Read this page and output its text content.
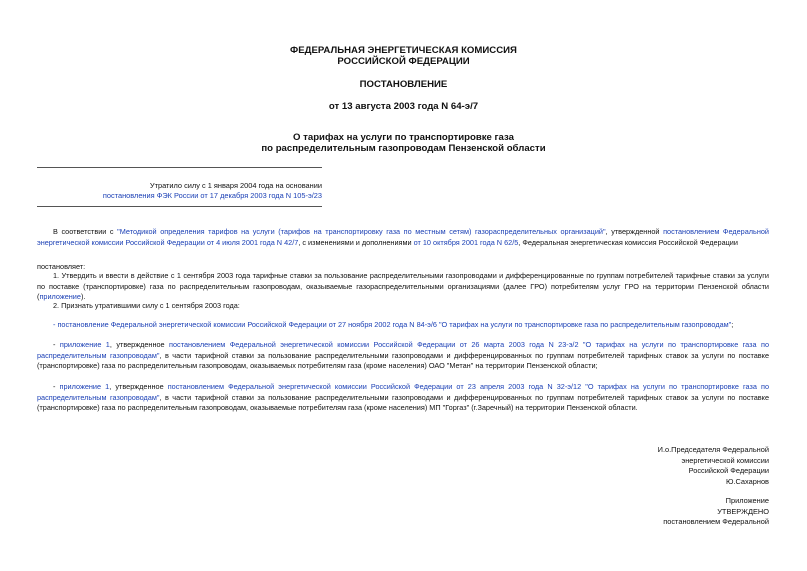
ФЕДЕРАЛЬНАЯ ЭНЕРГЕТИЧЕСКАЯ КОМИССИЯ
РОССИЙСКОЙ ФЕДЕРАЦИИ
ПОСТАНОВЛЕНИЕ
от 13 августа 2003 года N 64-э/7
О тарифах на услуги по транспортировке газа
по распределительным газопроводам Пензенской области
Утратило силу с 1 января 2004 года на основании
постановления ФЭК России от 17 декабря 2003 года N 105-э/23
В соответствии с "Методикой определения тарифов на услуги (тарифов на транспортировку газа по местным сетям) газораспределительных организаций", утвержденной постановлением Федеральной энергетической комиссии Российской Федерации от 4 июля 2001 года N 42/7, с изменениями и дополнениями от 10 октября 2001 года N 62/5, Федеральная энергетическая комиссия Российской Федерации
постановляет:
1. Утвердить и ввести в действие с 1 сентября 2003 года тарифные ставки за пользование распределительными газопроводами и дифференцированные по группам потребителей тарифные ставки за услуги по поставке (транспортировке) газа по распределительным газопроводам, оказываемые газораспределительными организациями (далее ГРО) потребителям услуг ГРО на территории Пензенской области (приложение).
2. Признать утратившими силу с 1 сентября 2003 года:
- постановление Федеральной энергетической комиссии Российской Федерации от 27 ноября 2002 года N 84-э/6 "О тарифах на услуги по транспортировке газа по распределительным газопроводам";
- приложение 1, утвержденное постановлением Федеральной энергетической комиссии Российской Федерации от 26 марта 2003 года N 23-э/2 "О тарифах на услуги по транспортировке газа по распределительным газопроводам", в части тарифной ставки за пользование распределительными газопроводами и дифференцированных по группам потребителей тарифных ставок за услуги по поставке (транспортировке) газа по распределительным газопроводам, оказываемых потребителям газа (кроме населения) ОАО "Метан" на территории Пензенской области;
- приложение 1, утвержденное постановлением Федеральной энергетической комиссии Российской Федерации от 23 апреля 2003 года N 32-э/12 "О тарифах на услуги по транспортировке газа по распределительным газопроводам", в части тарифной ставки за пользование распределительными газопроводами и дифференцированных по группам потребителей тарифных ставок за услуги по поставке (транспортировке) газа по распределительным газопроводам, оказываемые потребителям газа (кроме населения) МП "Горгаз" (г.Заречный) на территории Пензенской области.
И.о.Председателя Федеральной
энергетической комиссии
Российской Федерации
Ю.Сахарнов
Приложение
УТВЕРЖДЕНО
постановлением Федеральной
